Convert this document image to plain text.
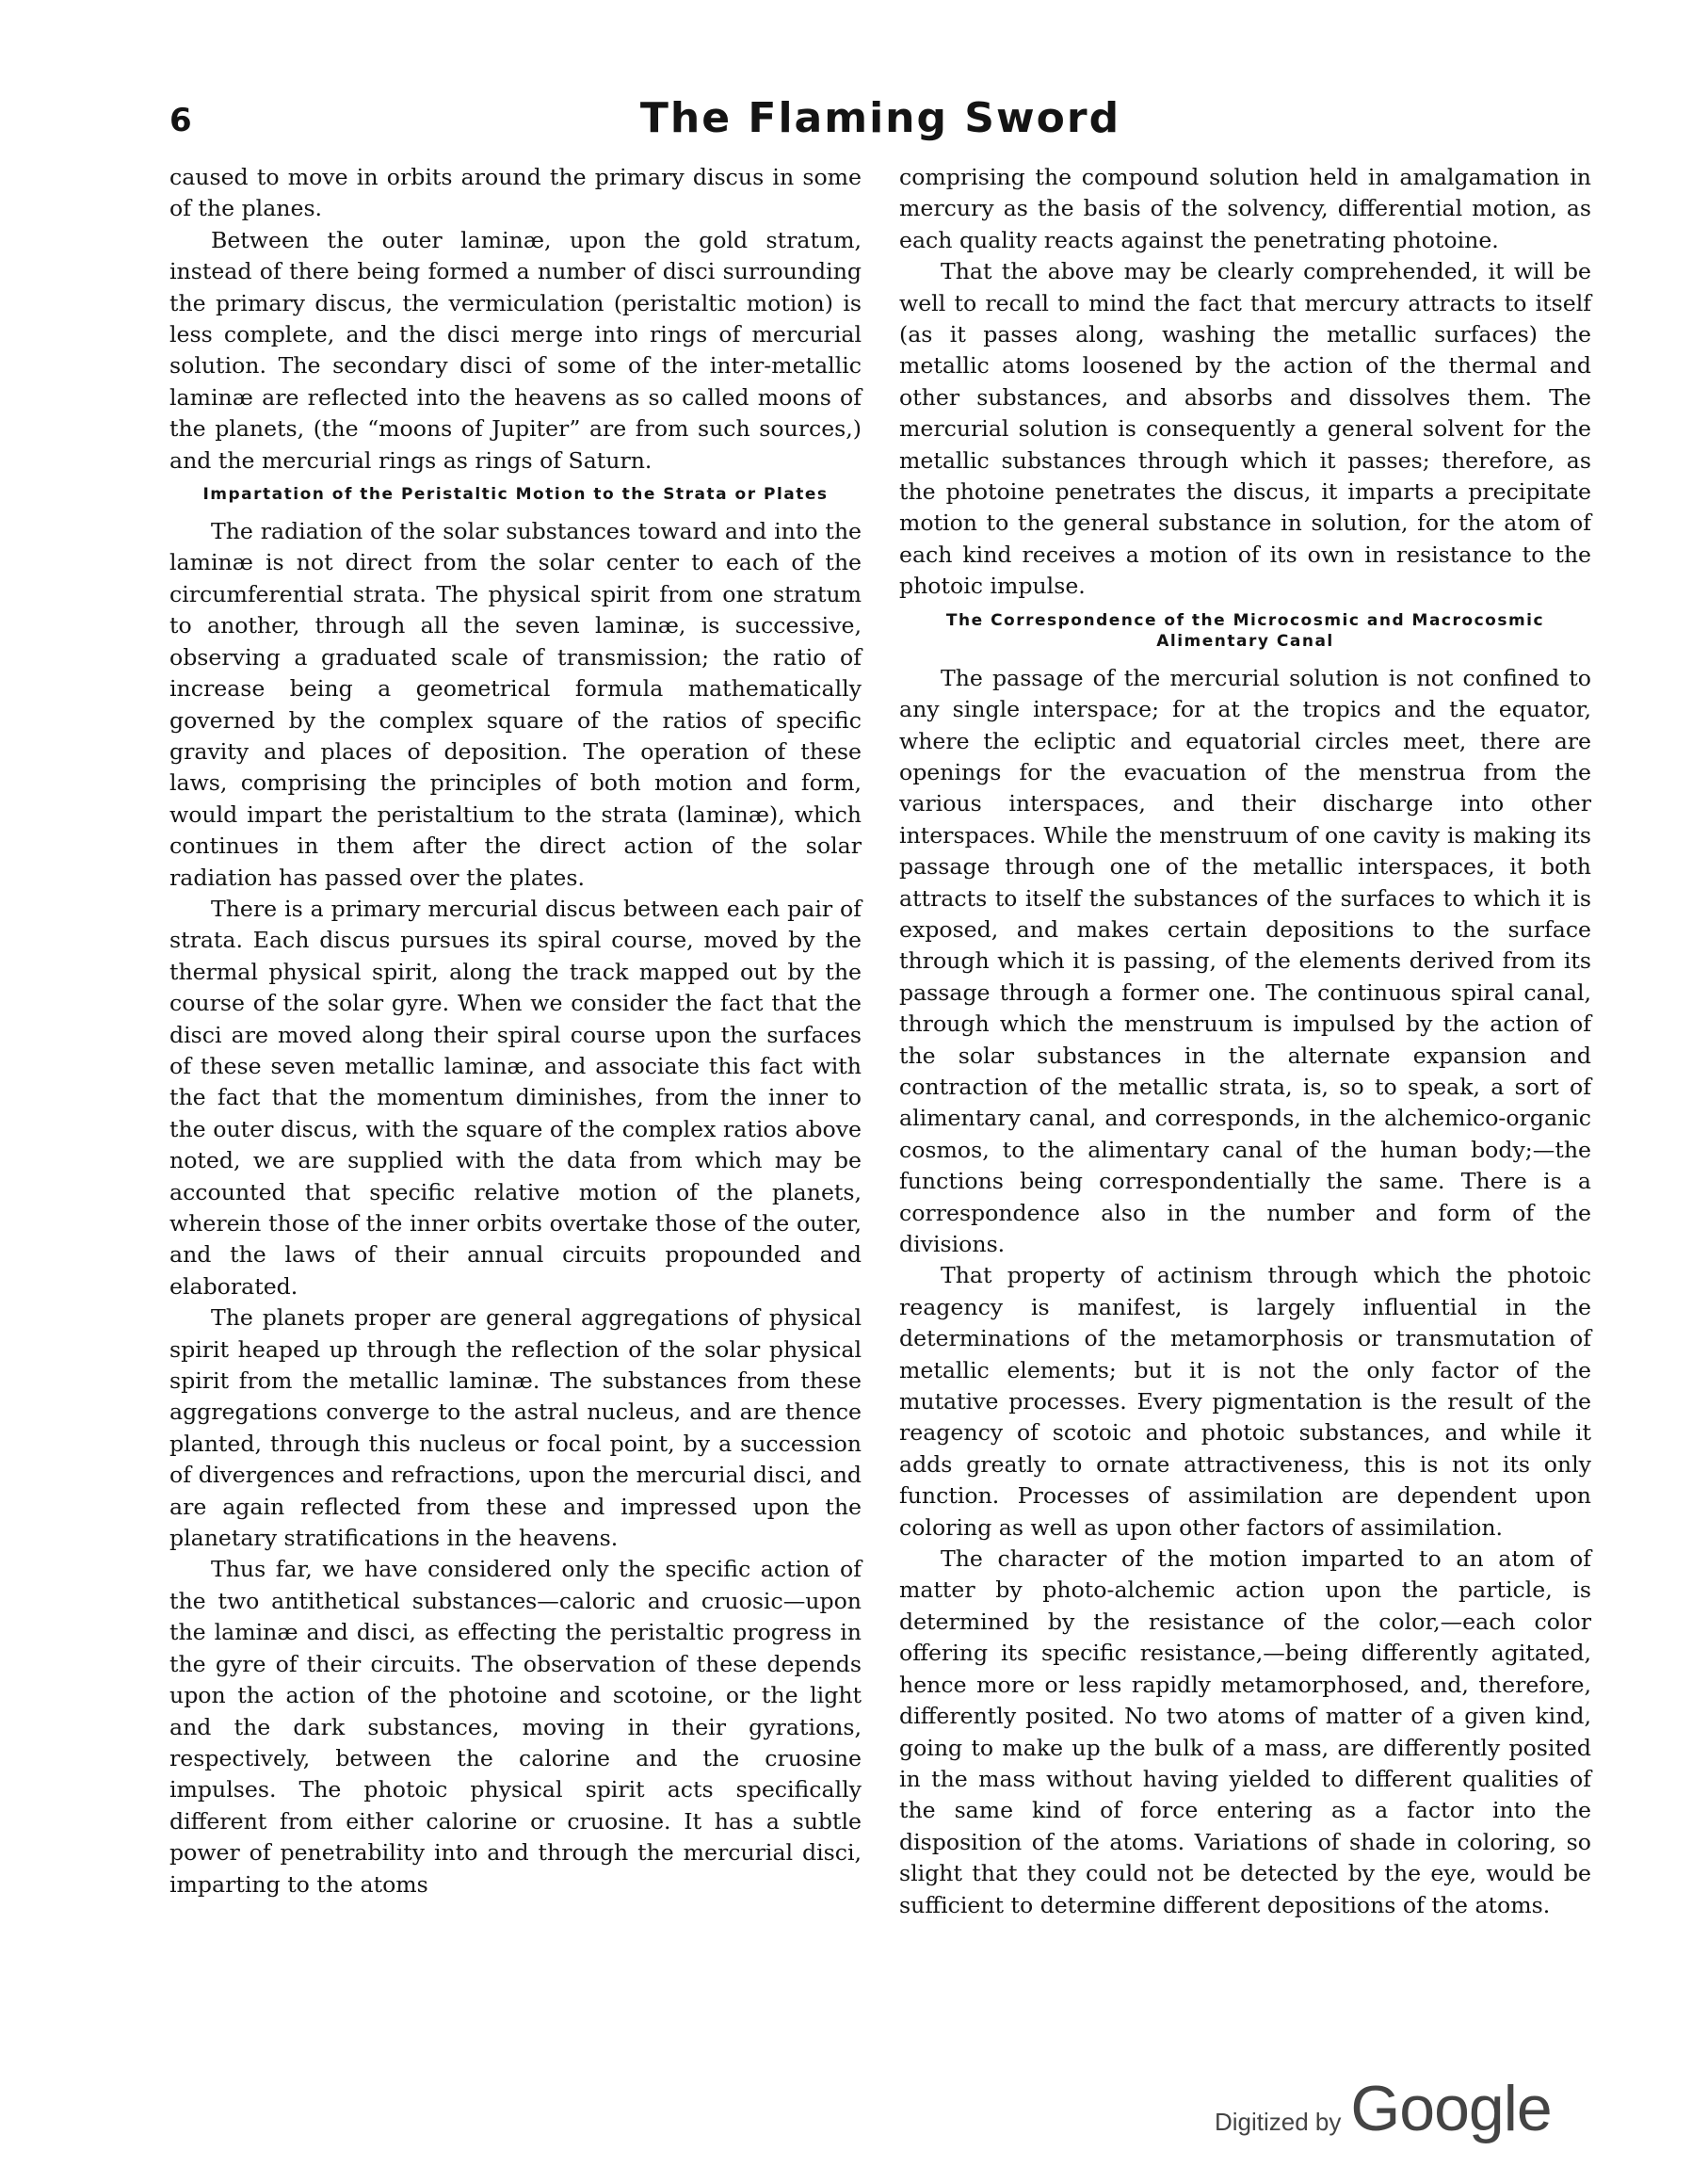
6	The Flaming Sword

caused to move in orbits around the primary discus in some of the planes.

Between the outer laminæ, upon the gold stratum, instead of there being formed a number of disci surrounding the primary discus, the vermiculation (peristaltic motion) is less complete, and the disci merge into rings of mercurial solution. The secondary disci of some of the inter-metallic laminæ are reflected into the heavens as so called moons of the planets, (the “moons of Jupiter” are from such sources,) and the mercurial rings as rings of Saturn.

Impartation of the Peristaltic Motion to the Strata or Plates

The radiation of the solar substances toward and into the laminæ is not direct from the solar center to each of the circumferential strata. The physical spirit from one stratum to another, through all the seven laminæ, is successive, observing a graduated scale of transmission; the ratio of increase being a geometrical formula mathematically governed by the complex square of the ratios of specific gravity and places of deposition. The operation of these laws, comprising the principles of both motion and form, would impart the peristaltium to the strata (laminæ), which continues in them after the direct action of the solar radiation has passed over the plates.

There is a primary mercurial discus between each pair of strata. Each discus pursues its spiral course, moved by the thermal physical spirit, along the track mapped out by the course of the solar gyre. When we consider the fact that the disci are moved along their spiral course upon the surfaces of these seven metallic laminæ, and associate this fact with the fact that the momentum diminishes, from the inner to the outer discus, with the square of the complex ratios above noted, we are supplied with the data from which may be accounted that specific relative motion of the planets, wherein those of the inner orbits overtake those of the outer, and the laws of their annual circuits propounded and elaborated.

The planets proper are general aggregations of physical spirit heaped up through the reflection of the solar physical spirit from the metallic laminæ. The substances from these aggregations converge to the astral nucleus, and are thence planted, through this nucleus or focal point, by a succession of divergences and refractions, upon the mercurial disci, and are again reflected from these and impressed upon the planetary stratifications in the heavens.

Thus far, we have considered only the specific action of the two antithetical substances—caloric and cruosic—upon the laminæ and disci, as effecting the peristaltic progress in the gyre of their circuits. The observation of these depends upon the action of the photoine and scotoine, or the light and the dark substances, moving in their gyrations, respectively, between the calorine and the cruosine impulses. The photoic physical spirit acts specifically different from either calorine or cruosine. It has a subtle power of penetrability into and through the mercurial disci, imparting to the atoms

comprising the compound solution held in amalgamation in mercury as the basis of the solvency, differential motion, as each quality reacts against the penetrating photoine.

That the above may be clearly comprehended, it will be well to recall to mind the fact that mercury attracts to itself (as it passes along, washing the metallic surfaces) the metallic atoms loosened by the action of the thermal and other substances, and absorbs and dissolves them. The mercurial solution is consequently a general solvent for the metallic substances through which it passes; therefore, as the photoine penetrates the discus, it imparts a precipitate motion to the general substance in solution, for the atom of each kind receives a motion of its own in resistance to the photoic impulse.

The Correspondence of the Microcosmic and Macrocosmic Alimentary Canal

The passage of the mercurial solution is not confined to any single interspace; for at the tropics and the equator, where the ecliptic and equatorial circles meet, there are openings for the evacuation of the menstrua from the various interspaces, and their discharge into other interspaces. While the menstruum of one cavity is making its passage through one of the metallic interspaces, it both attracts to itself the substances of the surfaces to which it is exposed, and makes certain depositions to the surface through which it is passing, of the elements derived from its passage through a former one. The continuous spiral canal, through which the menstruum is impulsed by the action of the solar substances in the alternate expansion and contraction of the metallic strata, is, so to speak, a sort of alimentary canal, and corresponds, in the alchemico-organic cosmos, to the alimentary canal of the human body;—the functions being correspondentially the same. There is a correspondence also in the number and form of the divisions.

That property of actinism through which the photoic reagency is manifest, is largely influential in the determinations of the metamorphosis or transmutation of metallic elements; but it is not the only factor of the mutative processes. Every pigmentation is the result of the reagency of scotoic and photoic substances, and while it adds greatly to ornate attractiveness, this is not its only function. Processes of assimilation are dependent upon coloring as well as upon other factors of assimilation.

The character of the motion imparted to an atom of matter by photo-alchemic action upon the particle, is determined by the resistance of the color,—each color offering its specific resistance,—being differently agitated, hence more or less rapidly metamorphosed, and, therefore, differently posited. No two atoms of matter of a given kind, going to make up the bulk of a mass, are differently posited in the mass without having yielded to different qualities of the same kind of force entering as a factor into the disposition of the atoms. Variations of shade in coloring, so slight that they could not be detected by the eye, would be sufficient to determine different depositions of the atoms.

Digitized by Google
